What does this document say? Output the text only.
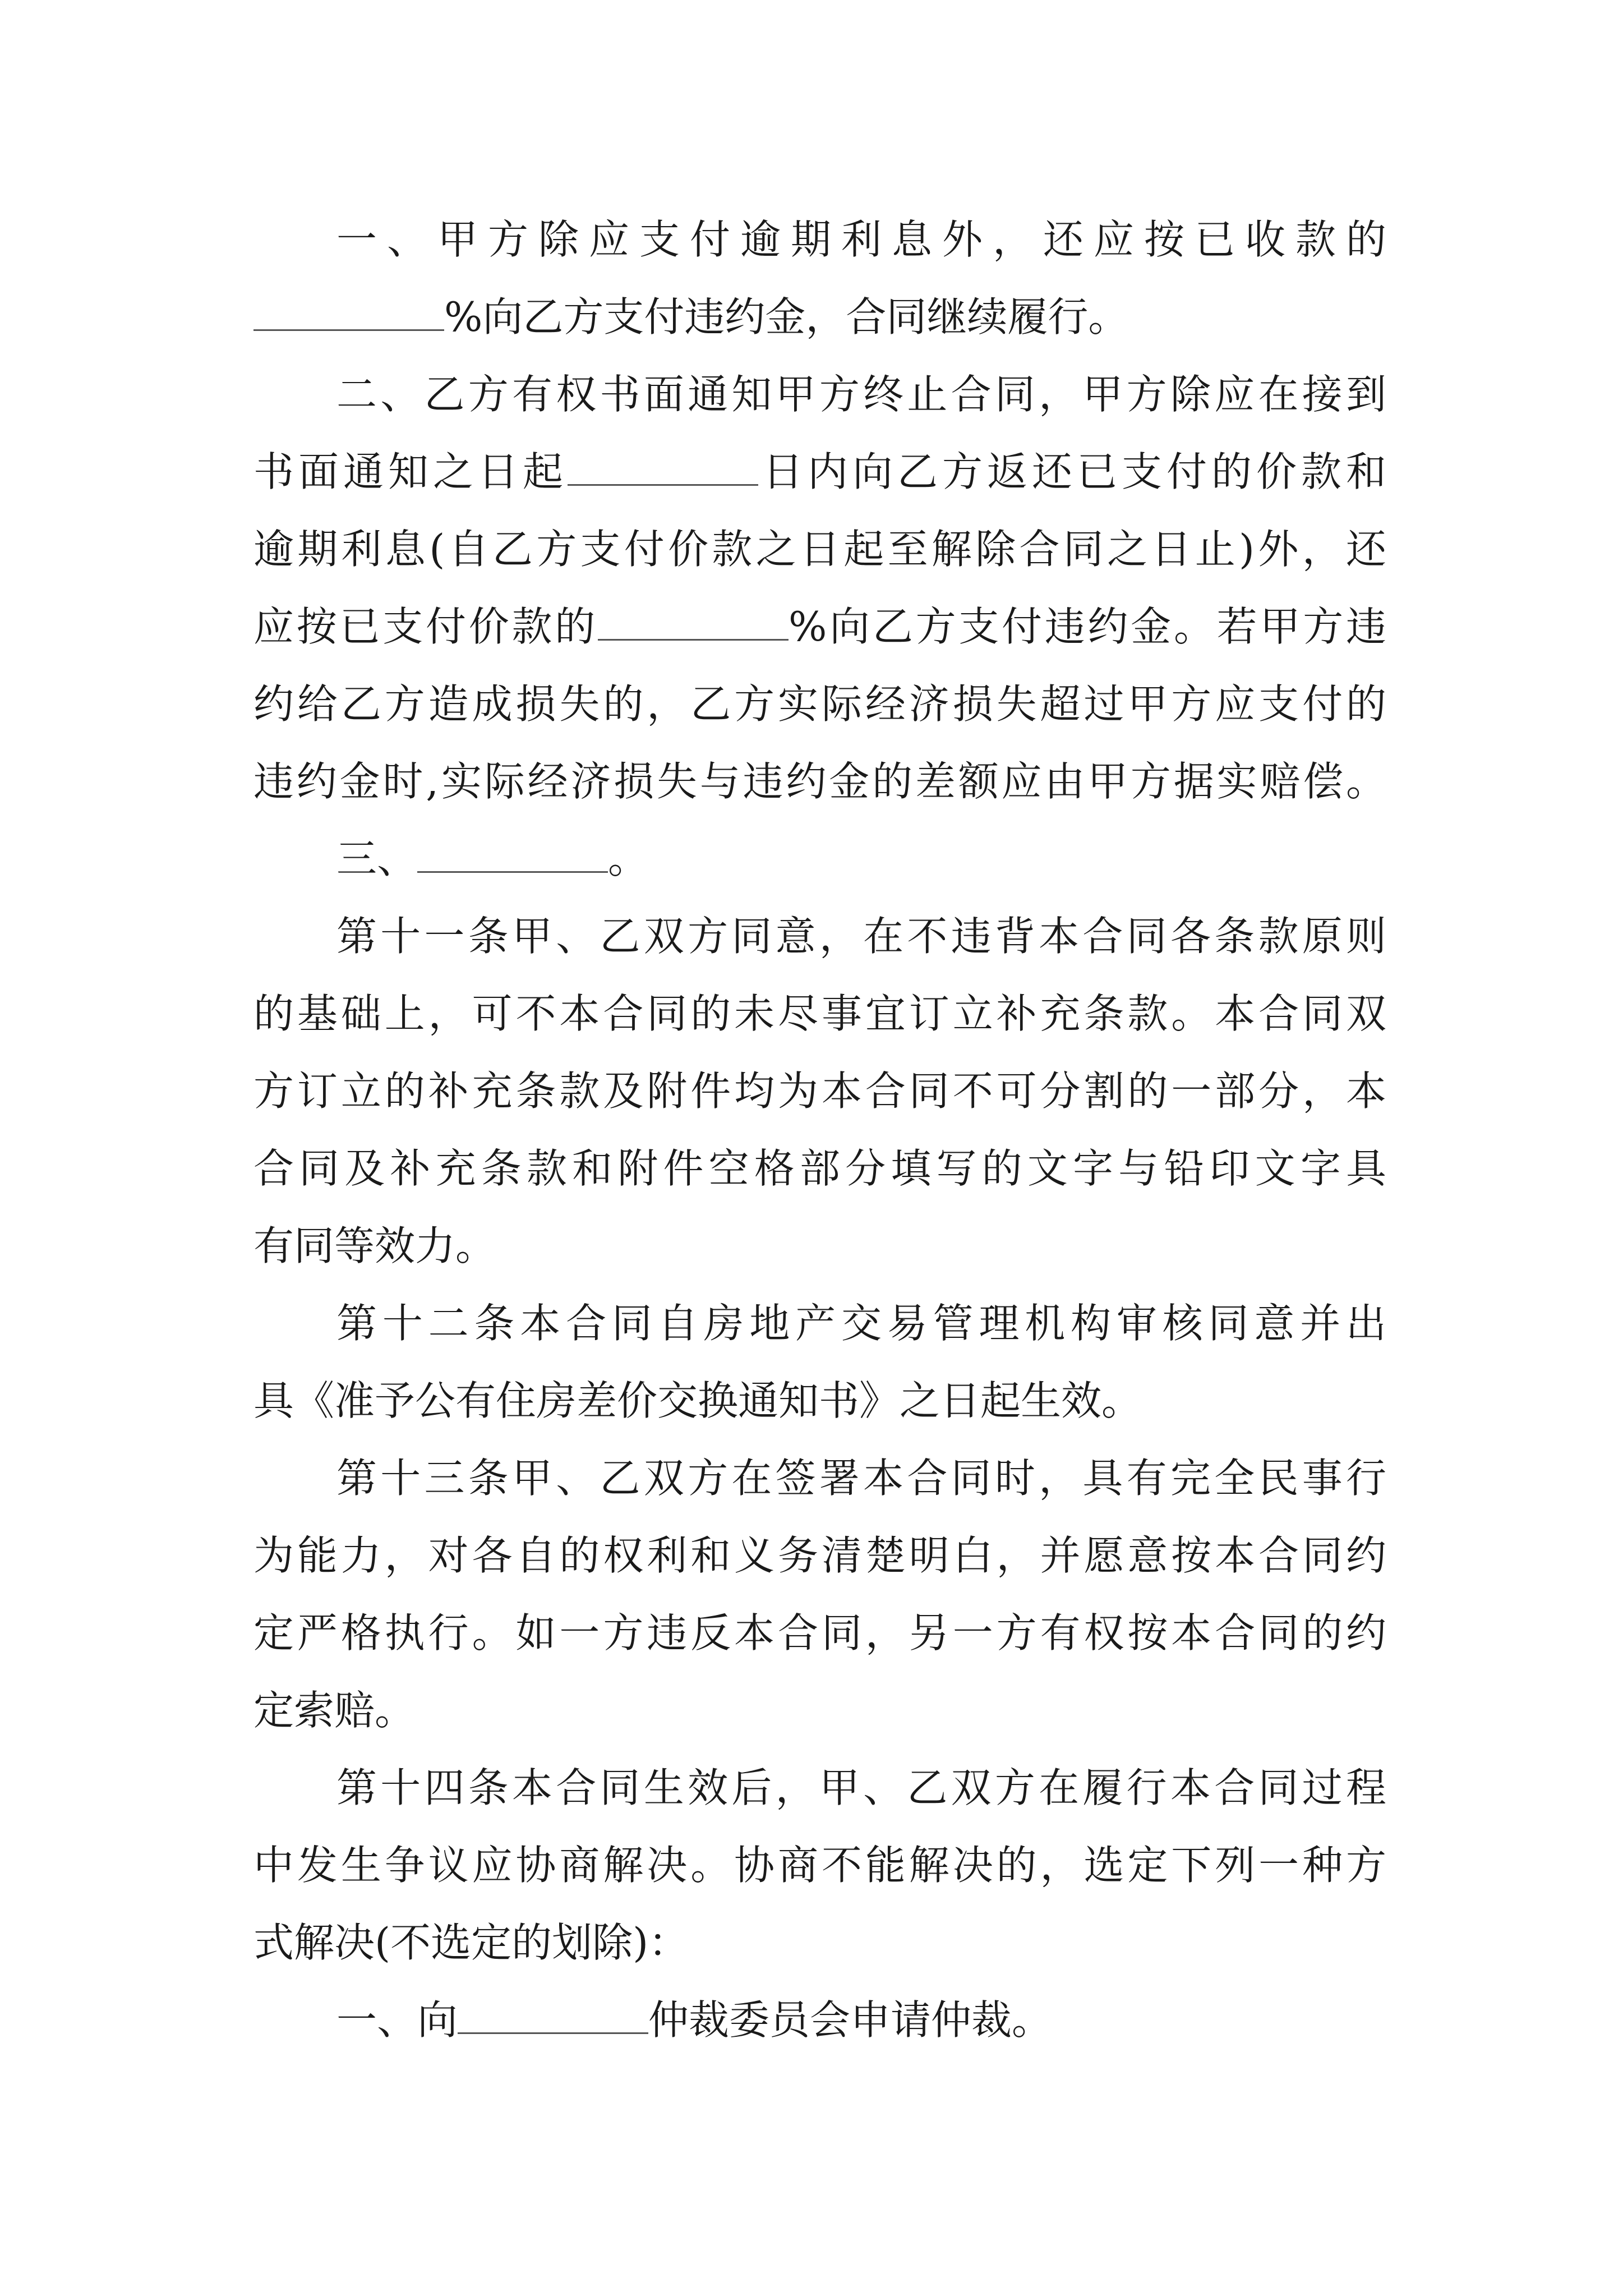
一、甲方除应支付逾期利息外，还应按已收款的
%向乙方支付违约金，合同继续履行。
二、乙方有权书面通知甲方终止合同，甲方除应在接到
书面通知之日起	日内向乙方返还已支付的价款和
逾期利息(自乙方支付价款之日起至解除合同之日止)外，还
应按已支付价款的	%向乙方支付违约金。若甲方违
约给乙方造成损失的，乙方实际经济损失超过甲方应支付的
违约金时,实际经济损失与违约金的差额应由甲方据实赔偿。
三、	。
第十一条甲、乙双方同意，在不违背本合同各条款原则
的基础上，可不本合同的未尽事宜订立补充条款。本合同双
方订立的补充条款及附件均为本合同不可分割的一部分，本
合同及补充条款和附件空格部分填写的文字与铅印文字具
有同等效力。
第十二条本合同自房地产交易管理机构审核同意并出
具《准予公有住房差价交换通知书》之日起生效。
第十三条甲、乙双方在签署本合同时，具有完全民事行
为能力，对各自的权利和义务清楚明白，并愿意按本合同约
定严格执行。如一方违反本合同，另一方有权按本合同的约
定索赔。
第十四条本合同生效后，甲、乙双方在履行本合同过程
中发生争议应协商解决。协商不能解决的，选定下列一种方
式解决(不选定的划除)：
一、向	仲裁委员会申请仲裁。
